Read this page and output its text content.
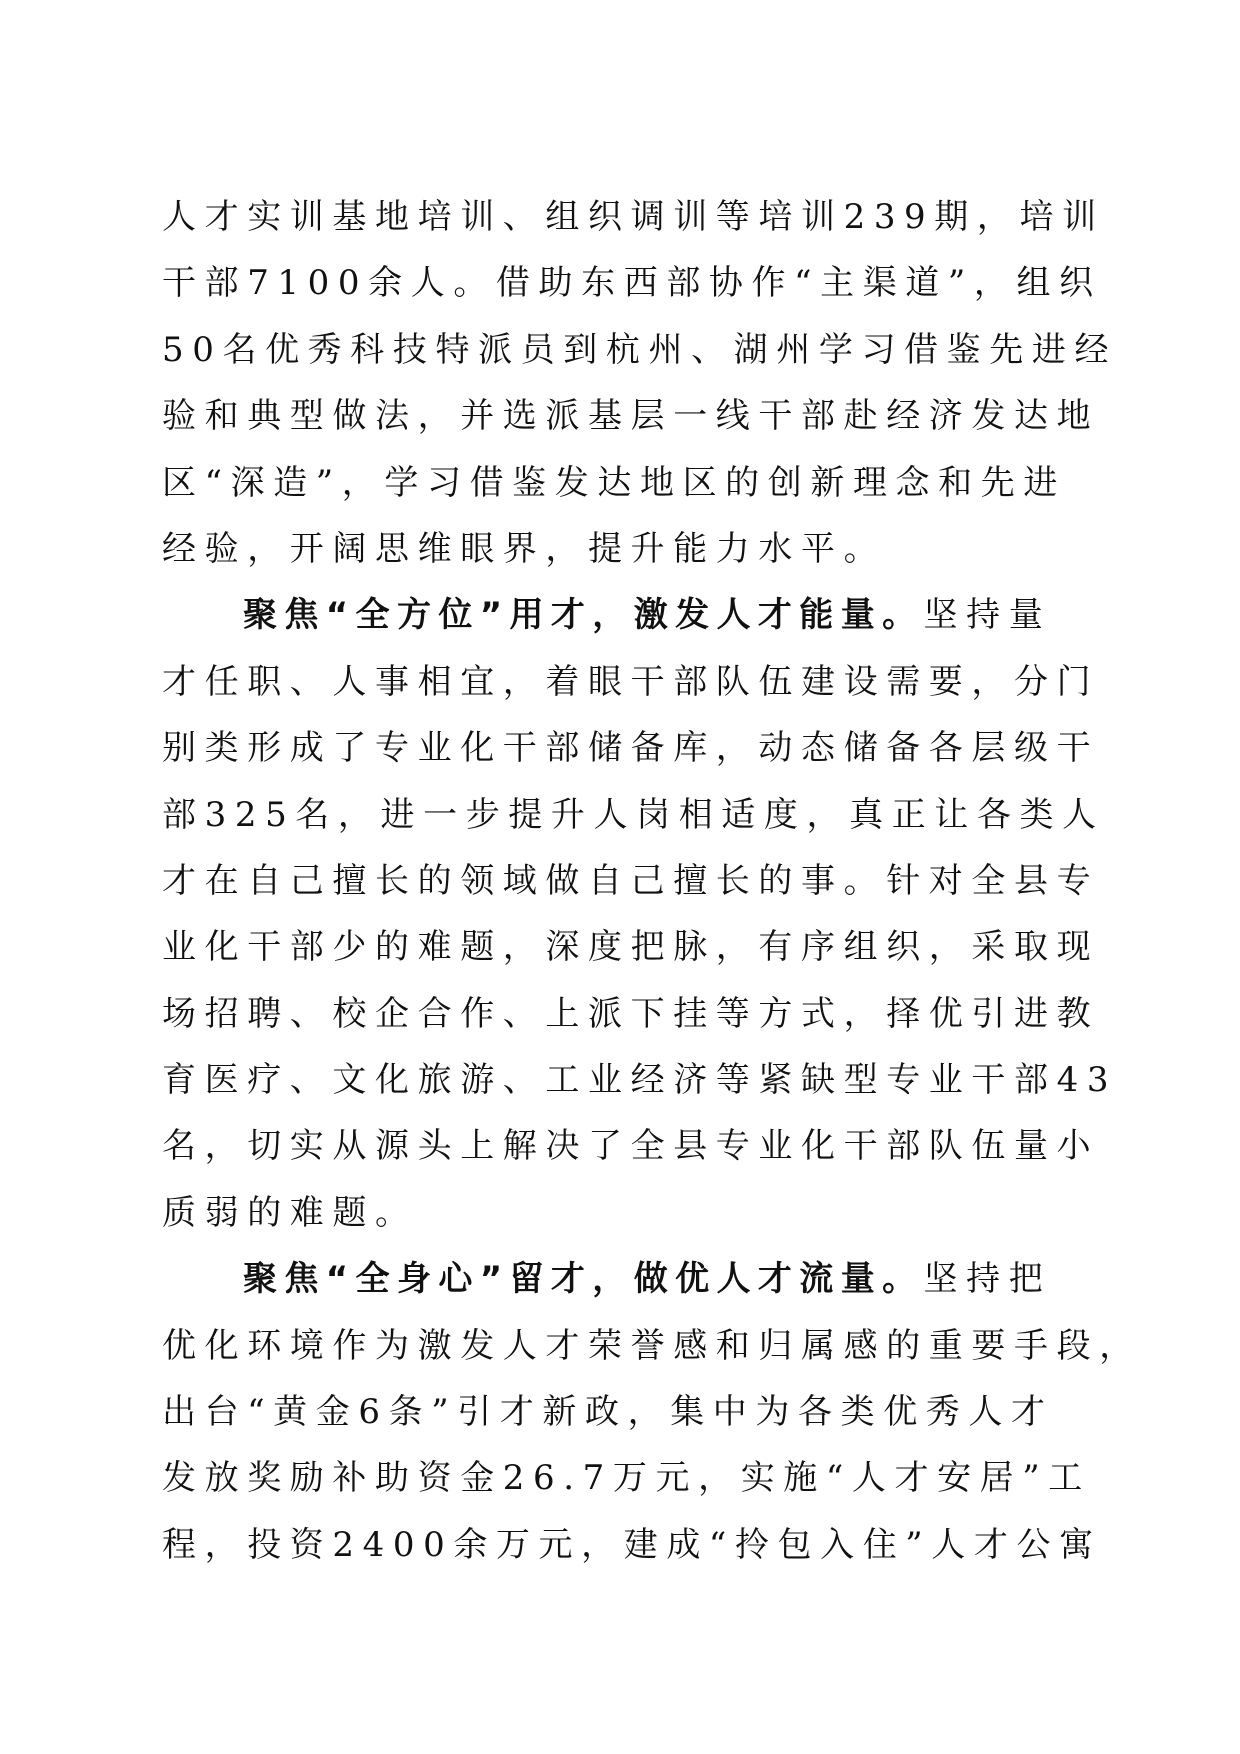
人才实训基地培训、组织调训等培训239期，培训
干部7100余人。借助东西部协作“主渠道”，组织
50名优秀科技特派员到杭州、湖州学习借鉴先进经
验和典型做法，并选派基层一线干部赴经济发达地
区“深造”，学习借鉴发达地区的创新理念和先进
经验，开阔思维眼界，提升能力水平。
聚焦“全方位”用才，激发人才能量。坚持量
才任职、人事相宜，着眼干部队伍建设需要，分门
别类形成了专业化干部储备库，动态储备各层级干
部325名，进一步提升人岗相适度，真正让各类人
才在自己擅长的领域做自己擅长的事。针对全县专
业化干部少的难题，深度把脉，有序组织，采取现
场招聘、校企合作、上派下挂等方式，择优引进教
育医疗、文化旅游、工业经济等紧缺型专业干部43
名，切实从源头上解决了全县专业化干部队伍量小
质弱的难题。
聚焦“全身心”留才，做优人才流量。坚持把
优化环境作为激发人才荣誉感和归属感的重要手段，
出台“黄金6条”引才新政，集中为各类优秀人才
发放奖励补助资金26.7万元，实施“人才安居”工
程，投资2400余万元，建成“拎包入住”人才公寓
